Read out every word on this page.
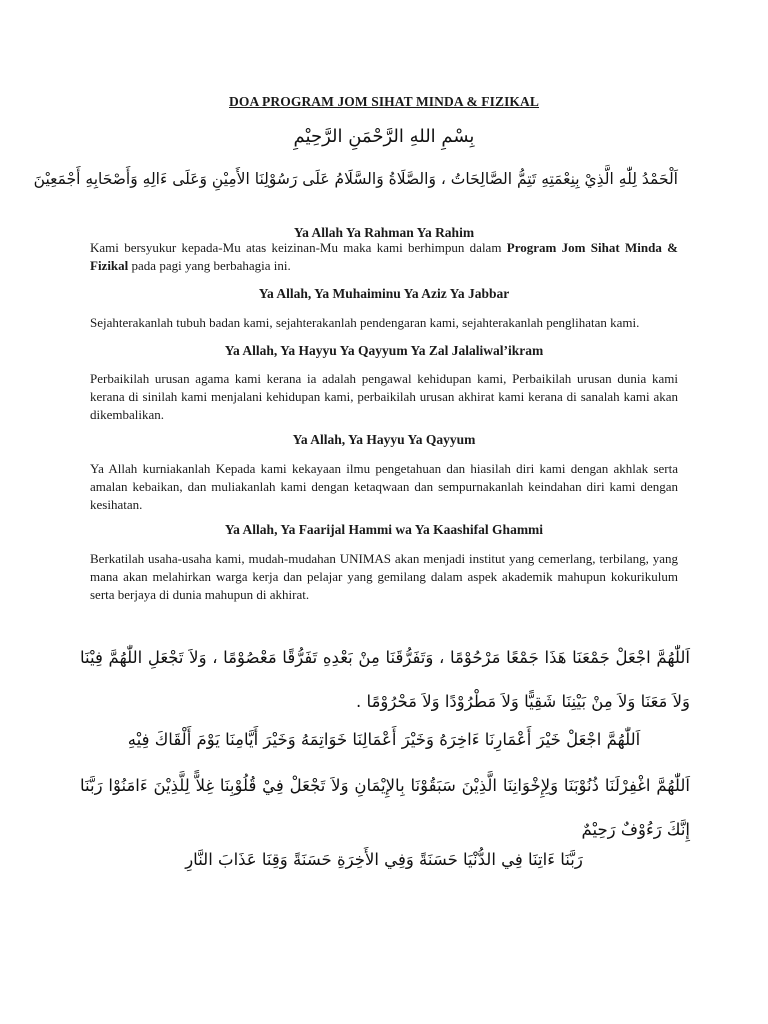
DOA PROGRAM JOM SIHAT MINDA & FIZIKAL
بِسْمِ اللهِ الرَّحْمَنِ الرَّحِيْمِ
اَلْحَمْدُ لِلّٰهِ الَّذِيْ بِنِعْمَتِهِ تَتِمُّ الصَّالِحَاتُ ، وَالصَّلَاةُ وَالسَّلَامُ عَلَى رَسُوْلِنَا الأَمِيْنِ وَعَلَى ءَالِهِ وَأَصْحَابِهِ أَجْمَعِيْنَ
Ya Allah Ya Rahman Ya Rahim
Kami bersyukur kepada-Mu atas keizinan-Mu maka kami berhimpun dalam Program Jom Sihat Minda & Fizikal pada pagi yang berbahagia ini.
Ya Allah, Ya Muhaiminu Ya Aziz Ya Jabbar
Sejahterakanlah tubuh badan kami, sejahterakanlah pendengaran kami, sejahterakanlah penglihatan kami.
Ya Allah, Ya Hayyu Ya Qayyum Ya Zal Jalaliwal’ikram
Perbaikilah urusan agama kami kerana ia adalah pengawal kehidupan kami, Perbaikilah urusan dunia kami kerana di sinilah kami menjalani kehidupan kami, perbaikilah urusan akhirat kami kerana di sanalah kami akan dikembalikan.
Ya Allah, Ya Hayyu Ya Qayyum
Ya Allah kurniakanlah Kepada kami kekayaan ilmu pengetahuan dan hiasilah diri kami dengan akhlak serta amalan kebaikan, dan muliakanlah kami dengan ketaqwaan dan sempurnakanlah keindahan diri kami dengan kesihatan.
Ya Allah, Ya Faarijal Hammi wa Ya Kaashifal Ghammi
Berkatilah usaha-usaha kami, mudah-mudahan UNIMAS akan menjadi institut yang cemerlang, terbilang, yang mana akan melahirkan warga kerja dan pelajar yang gemilang dalam aspek akademik mahupun kokurikulum serta berjaya di dunia mahupun di akhirat.
اَللّٰهُمَّ اجْعَلْ جَمْعَنَا هَذَا جَمْعًا مَرْحُوْمًا ، وَتَفَرُّقَنَا مِنْ بَعْدِهِ تَفَرُّقًا مَعْصُوْمًا ، وَلاَ تَجْعَلِ اللّٰهُمَّ فِيْنَا وَلاَ مَعَنَا وَلاَ مِنْ بَيْنِنَا شَقِيًّا وَلاَ مَطْرُوْدًا وَلاَ مَحْرُوْمًا .
اَللّٰهُمَّ اجْعَلْ خَيْرَ أَعْمَارِنَا ءَاخِرَهُ وَخَيْرَ أَعْمَالِنَا خَوَاتِمَهُ وَخَيْرَ أَيَّامِنَا يَوْمَ أَلْقَاكَ فِيْهِ
اَللّٰهُمَّ اغْفِرْلَنَا ذُنُوْبَنَا وَلِإِخْوَانِنَا الَّذِيْنَ سَبَقُوْنَا بِالإِيْمَانِ وَلاَ تَجْعَلْ فِيْ قُلُوْبِنَا غِلاًّ لِلَّذِيْنَ ءَامَنُوْا رَبَّنَا إِنَّكَ رَءُوْفٌ رَحِيْمٌ
رَبَّنَا ءَاتِنَا فِي الدُّنْيَا حَسَنَةً وَفِي الأَخِرَةِ حَسَنَةً وَقِنَا عَذَابَ النَّارِ
